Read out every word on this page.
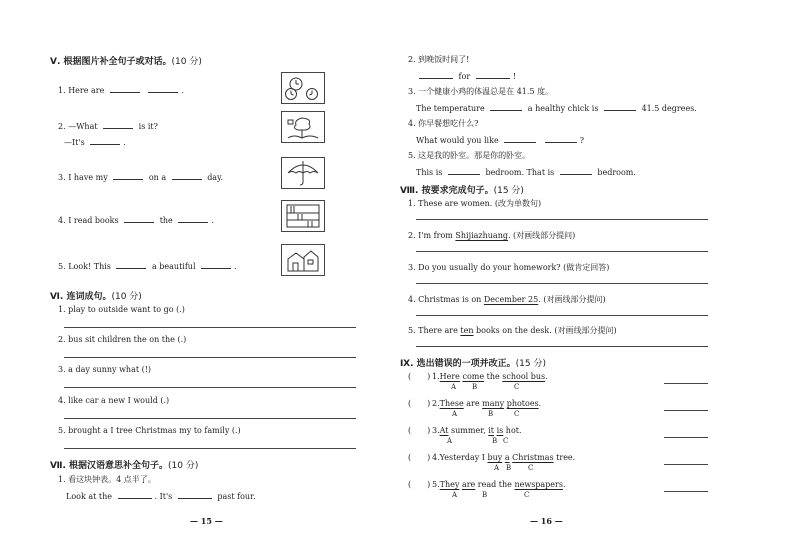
Ⅴ. 根据图片补全句子或对话。(10 分)
1. Here are	.
2. —What	is it?
—It's	.
3. I have my	on a	day.
4. I read books	the	.
5. Look! This	a beautiful	.
Ⅵ. 连词成句。(10 分)
1. play to outside want to go (.)
2. bus sit children the on the (.)
3. a day sunny what (!)
4. like car a new I would (.)
5. brought a I tree Christmas my to family (.)
Ⅶ. 根据汉语意思补全句子。(10 分)
1. 看这块钟表。4 点半了。
Look at the	. It's	past four.
— 15 —
2. 到晚饭时间了!
for	!
3. 一个健康小鸡的体温总是在 41.5 度。
The temperature	a healthy chick is	41.5 degrees.
4. 你早餐想吃什么?
What would you like	?
5. 这是我的卧室。那是你的卧室。
This is	bedroom. That is	bedroom.
Ⅷ. 按要求完成句子。(15 分)
1. These are women. (改为单数句)
2. I'm from Shijiazhuang. (对画线部分提问)
3. Do you usually do your homework? (做肯定回答)
4. Christmas is on December 25. (对画线部分提问)
5. There are ten books on the desk. (对画线部分提问)
Ⅸ. 选出错误的一项并改正。(15 分)
( ) 1.Here come the school bus.
A B	C
( ) 2.These are many photoes.
A	B	C
( ) 3.At summer, it is hot.
A	B C
( ) 4.Yesterday I buy a Christmas tree.
A B C
( ) 5.They are read the newspapers.
A	B	C
— 16 —
